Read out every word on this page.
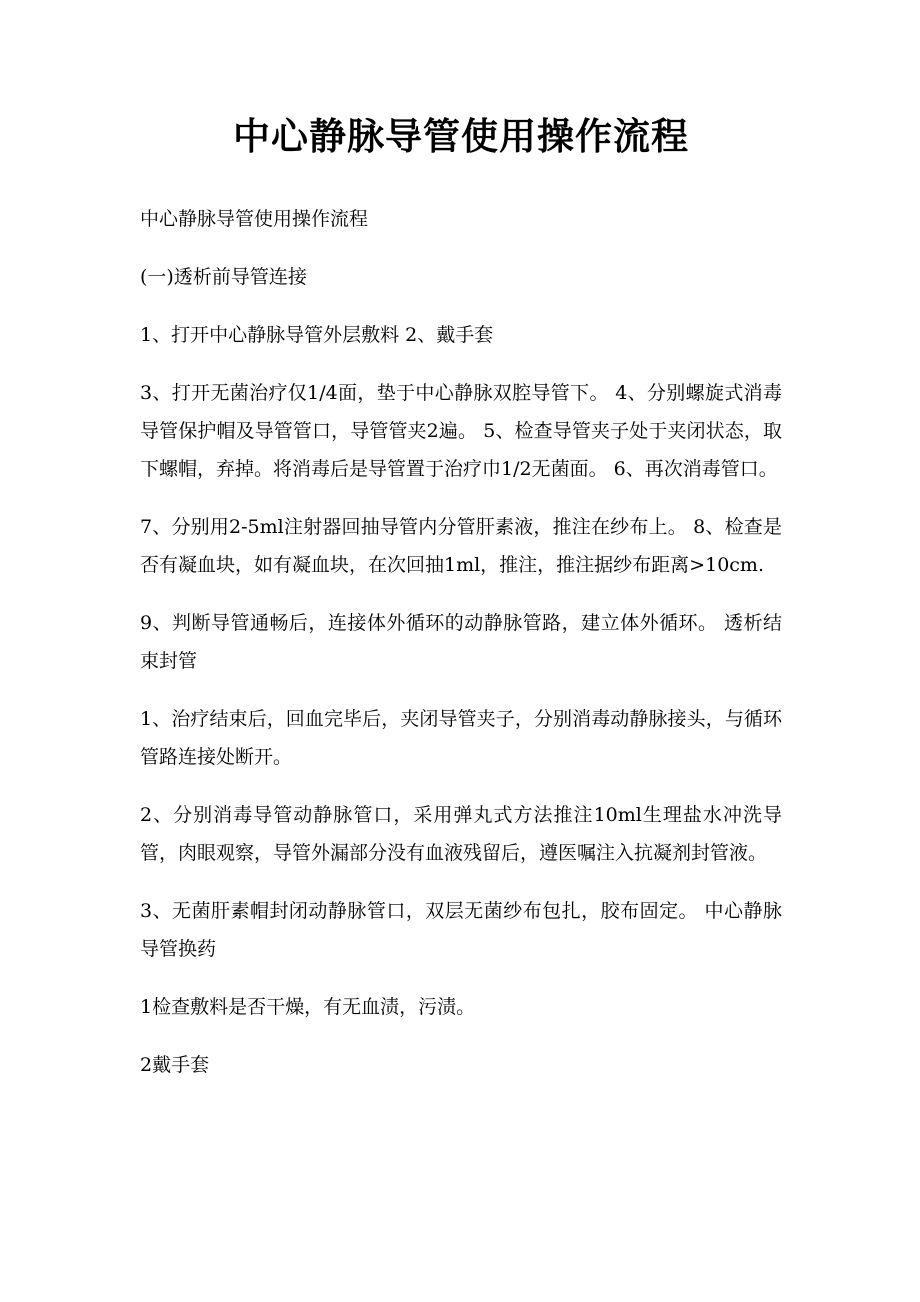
中心静脉导管使用操作流程

中心静脉导管使用操作流程

(一)透析前导管连接

1、打开中心静脉导管外层敷料 2、戴手套

3、打开无菌治疗仅1/4面，垫于中心静脉双腔导管下。 4、分别螺旋式消毒导管保护帽及导管管口，导管管夹2遍。 5、检查导管夹子处于夹闭状态，取下螺帽，弃掉。将消毒后是导管置于治疗巾1/2无菌面。 6、再次消毒管口。

7、分别用2-5ml注射器回抽导管内分管肝素液，推注在纱布上。 8、检查是否有凝血块，如有凝血块，在次回抽1ml，推注，推注据纱布距离>10cm.

9、判断导管通畅后，连接体外循环的动静脉管路，建立体外循环。 透析结束封管

1、治疗结束后，回血完毕后，夹闭导管夹子，分别消毒动静脉接头，与循环管路连接处断开。

2、分别消毒导管动静脉管口，采用弹丸式方法推注10ml生理盐水冲洗导管，肉眼观察，导管外漏部分没有血液残留后，遵医嘱注入抗凝剂封管液。

3、无菌肝素帽封闭动静脉管口，双层无菌纱布包扎，胶布固定。 中心静脉导管换药

1检查敷料是否干燥，有无血渍，污渍。

2戴手套
